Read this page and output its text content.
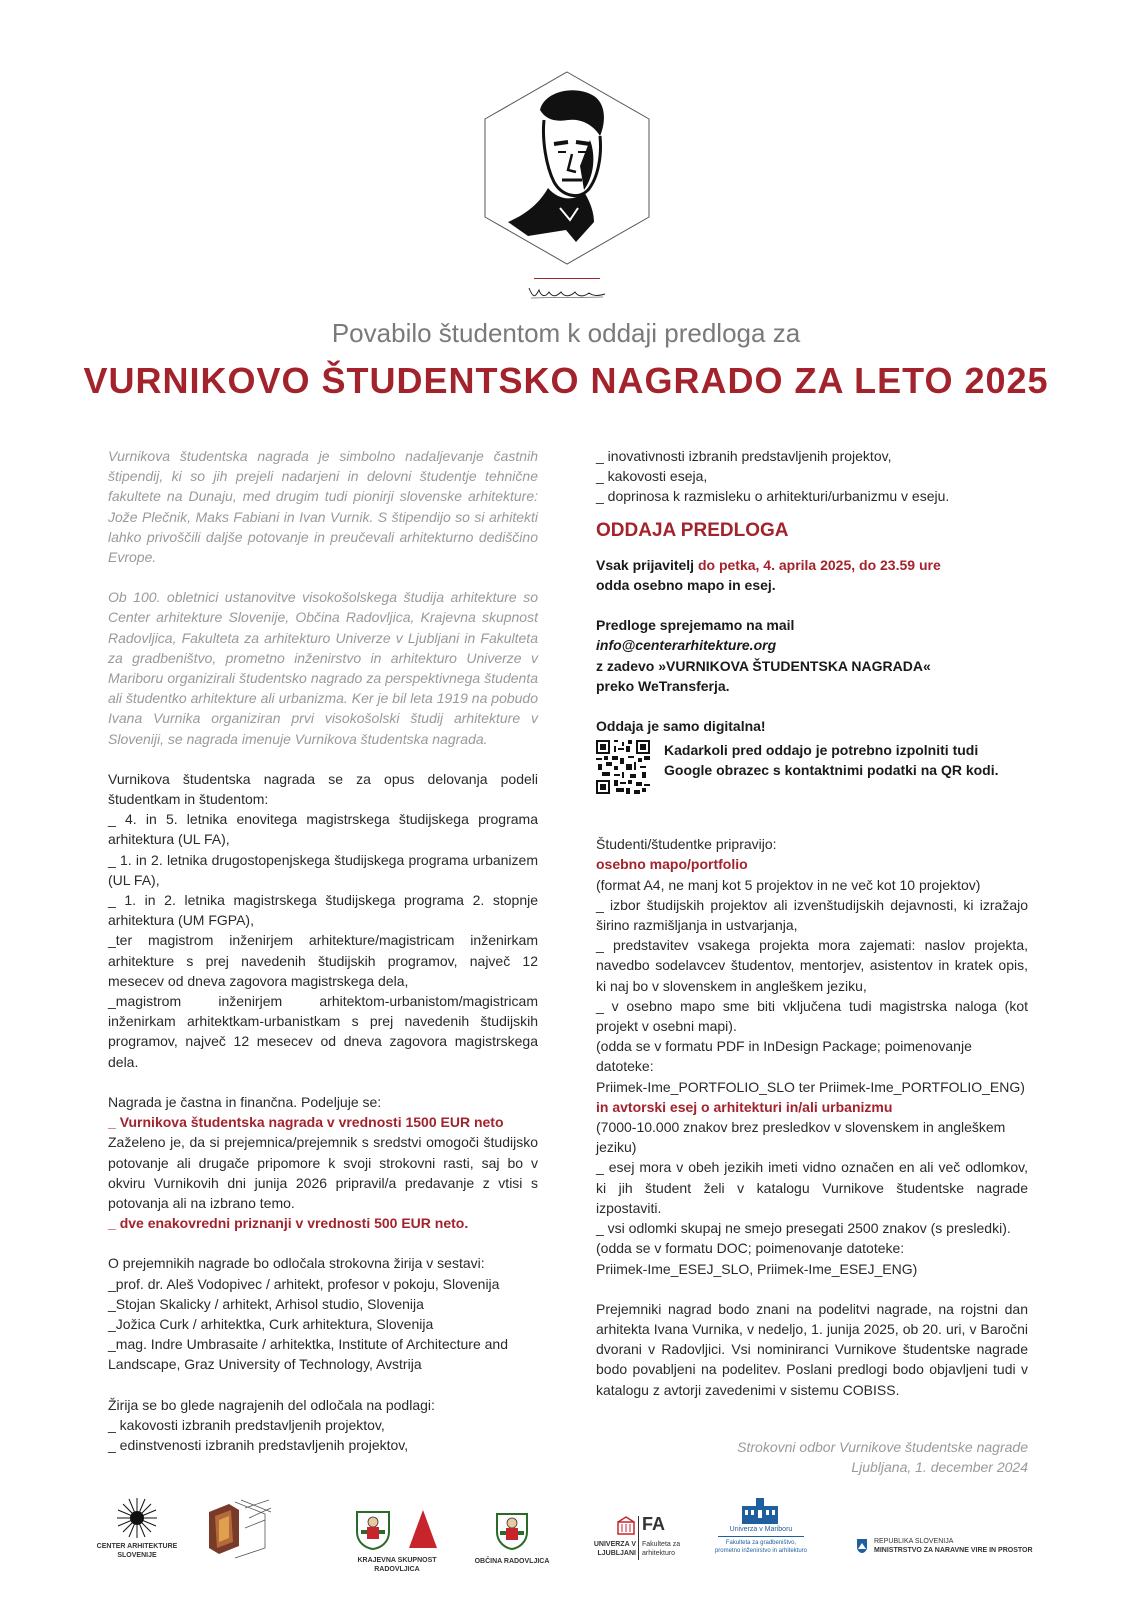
Povabilo študentom k oddaji predloga za
VURNIKOVO ŠTUDENTSKO NAGRADO ZA LETO 2025

Vurnikova študentska nagrada je simbolno nadaljevanje častnih štipendij, ki so jih prejeli nadarjeni in delovni študentje tehnične fakultete na Dunaju, med drugim tudi pionirji slovenske arhitekture: Jože Plečnik, Maks Fabiani in Ivan Vurnik. S štipendijo so si arhitekti lahko privoščili daljše potovanje in preučevali arhitekturno dediščino Evrope.

Ob 100. obletnici ustanovitve visokošolskega študija arhitekture so Center arhitekture Slovenije, Občina Radovljica, Krajevna skupnost Radovljica, Fakulteta za arhitekturo Univerze v Ljubljani in Fakulteta za gradbeništvo, prometno inženirstvo in arhitekturo Univerze v Mariboru organizirali študentsko nagrado za perspektivnega študenta ali študentko arhitekture ali urbanizma. Ker je bil leta 1919 na pobudo Ivana Vurnika organiziran prvi visokošolski študij arhitekture v Sloveniji, se nagrada imenuje Vurnikova študentska nagrada.

Vurnikova študentska nagrada se za opus delovanja podeli študentkam in študentom:

_ 4. in 5. letnika enovitega magistrskega študijskega programa arhitektura (UL FA),

_ 1. in 2. letnika drugostopenjskega študijskega programa urbanizem (UL FA),

_ 1. in 2. letnika magistrskega študijskega programa 2. stopnje arhitektura (UM FGPA),

_ter magistrom inženirjem arhitekture/magistricam inženirkam arhitekture s prej navedenih študijskih programov, največ 12 mesecev od dneva zagovora magistrskega dela,

_magistrom inženirjem arhitektom-urbanistom/magistricam inženirkam arhitektkam-urbanistkam s prej navedenih študijskih programov, največ 12 mesecev od dneva zagovora magistrskega dela.

Nagrada je častna in finančna. Podeljuje se:

_ Vurnikova študentska nagrada v vrednosti 1500 EUR neto

Zaželeno je, da si prejemnica/prejemnik s sredstvi omogoči študijsko potovanje ali drugače pripomore k svoji strokovni rasti, saj bo v okviru Vurnikovih dni junija 2026 pripravil/a predavanje z vtisi s potovanja ali na izbrano temo.

_ dve enakovredni priznanji v vrednosti 500 EUR neto.

O prejemnikih nagrade bo odločala strokovna žirija v sestavi:

_prof. dr. Aleš Vodopivec / arhitekt, profesor v pokoju, Slovenija

_Stojan Skalicky / arhitekt, Arhisol studio, Slovenija

_Jožica Curk / arhitektka, Curk arhitektura, Slovenija

_mag. Indre Umbrasaite / arhitektka, Institute of Architecture and Landscape, Graz University of Technology, Avstrija

Žirija se bo glede nagrajenih del odločala na podlagi:

_ kakovosti izbranih predstavljenih projektov,

_ edinstvenosti izbranih predstavljenih projektov,

_ inovativnosti izbranih predstavljenih projektov,

_ kakovosti eseja,

_ doprinosa k razmisleku o arhitekturi/urbanizmu v eseju.

ODDAJA PREDLOGA

Vsak prijavitelj do petka, 4. aprila 2025, do 23.59 ure

odda osebno mapo in esej.

Predloge sprejemamo na mail

info@centerarhitekture.org

z zadevo »VURNIKOVA ŠTUDENTSKA NAGRADA«

preko WeTransferja.

Oddaja je samo digitalna!

Kadarkoli pred oddajo je potrebno izpolniti tudi Google obrazec s kontaktnimi podatki na QR kodi.

Študenti/študentke pripravijo:

osebno mapo/portfolio

(format A4, ne manj kot 5 projektov in ne več kot 10 projektov)

_ izbor študijskih projektov ali izvenštudijskih dejavnosti, ki izražajo širino razmišljanja in ustvarjanja,

_ predstavitev vsakega projekta mora zajemati: naslov projekta, navedbo sodelavcev študentov, mentorjev, asistentov in kratek opis, ki naj bo v slovenskem in angleškem jeziku,

_ v osebno mapo sme biti vključena tudi magistrska naloga (kot projekt v osebni mapi).

(odda se v formatu PDF in InDesign Package; poimenovanje datoteke:

Priimek-Ime_PORTFOLIO_SLO ter Priimek-Ime_PORTFOLIO_ENG)

in avtorski esej o arhitekturi in/ali urbanizmu

(7000-10.000 znakov brez presledkov v slovenskem in angleškem jeziku)

_ esej mora v obeh jezikih imeti vidno označen en ali več odlomkov, ki jih študent želi v katalogu Vurnikove študentske nagrade izpostaviti.

_ vsi odlomki skupaj ne smejo presegati 2500 znakov (s presledki).

(odda se v formatu DOC; poimenovanje datoteke:

Priimek-Ime_ESEJ_SLO, Priimek-Ime_ESEJ_ENG)

Prejemniki nagrad bodo znani na podelitvi nagrade, na rojstni dan arhitekta Ivana Vurnika, v nedeljo, 1. junija 2025, ob 20. uri, v Baročni dvorani v Radovljici. Vsi nominiranci Vurnikove študentske nagrade bodo povabljeni na podelitev. Poslani predlogi bodo objavljeni tudi v katalogu z avtorji zavedenimi v sistemu COBISS.

Strokovni odbor Vurnikove študentske nagrade
Ljubljana, 1. december 2024
CENTER ARHITEKTURE SLOVENIJE
KRAJEVNA SKUPNOST RADOVLJICA
OBČINA RADOVLJICA
FA
UNIVERZA V LJUBLJANI
Fakulteta za arhitekturo
Univerza v Mariboru
Fakulteta za gradbeništvo, prometno inženirstvo in arhitekturo
REPUBLIKA SLOVENIJA
MINISTRSTVO ZA NARAVNE VIRE IN PROSTOR
